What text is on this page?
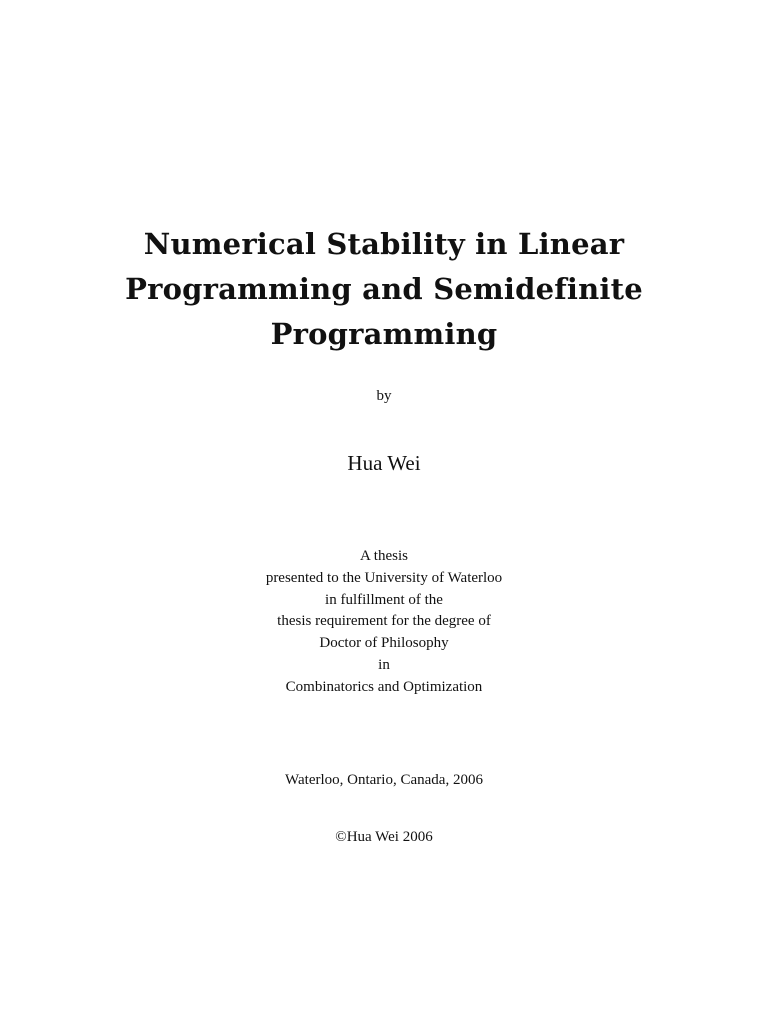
Numerical Stability in Linear
Programming and Semidefinite
Programming
by
Hua Wei
A thesis
presented to the University of Waterloo
in fulfillment of the
thesis requirement for the degree of
Doctor of Philosophy
in
Combinatorics and Optimization
Waterloo, Ontario, Canada, 2006
©Hua Wei 2006
